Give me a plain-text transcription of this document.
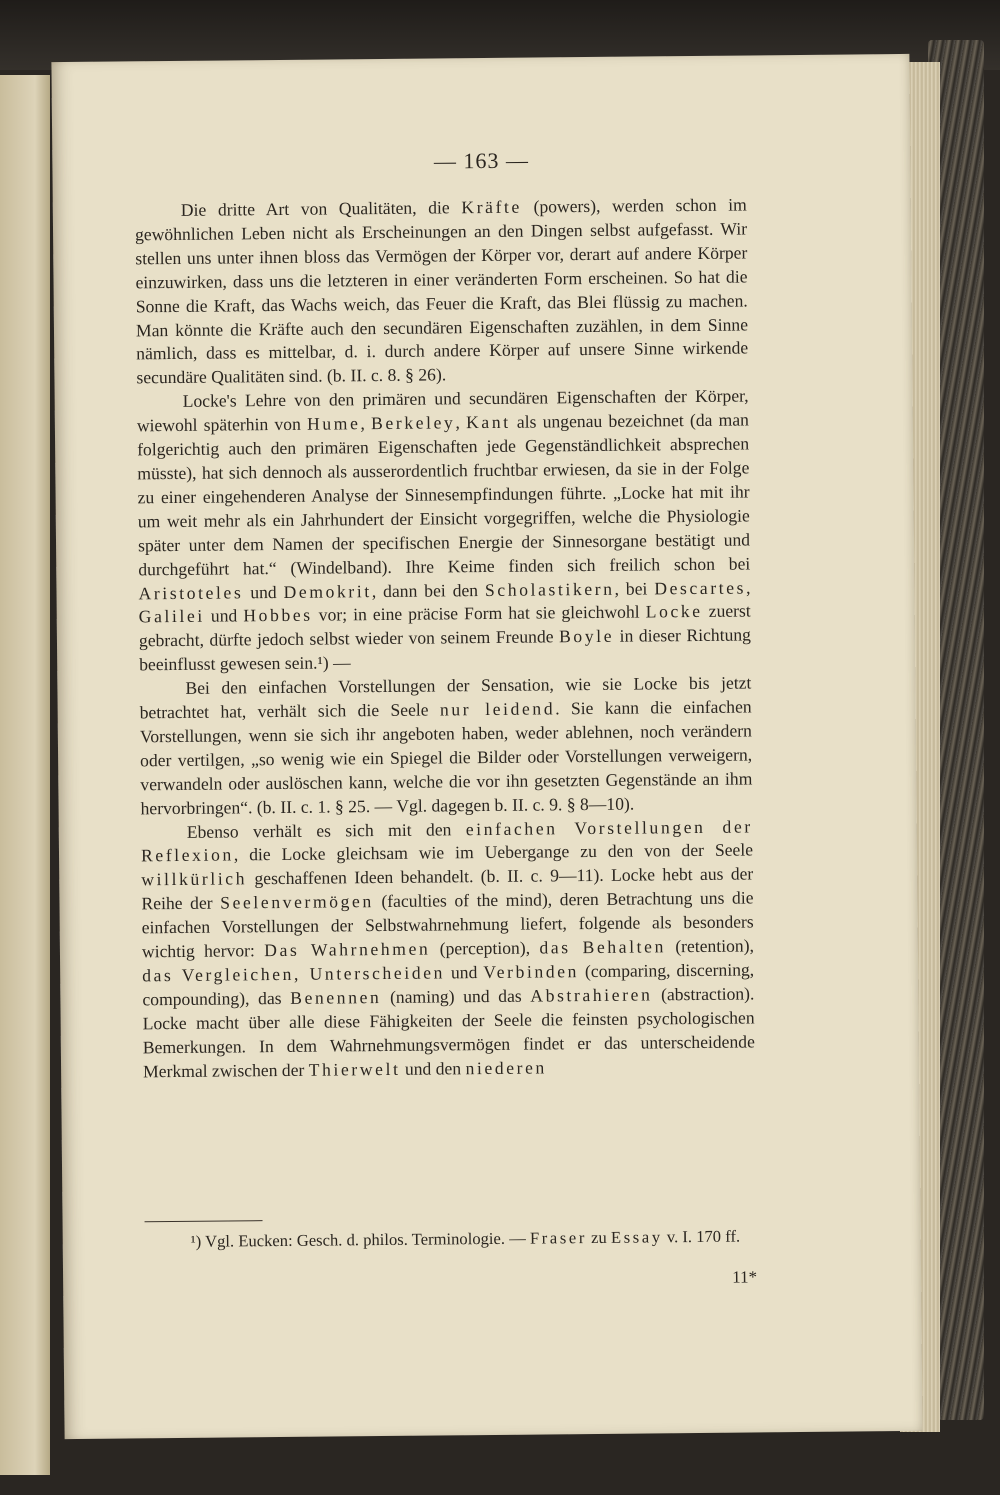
— 163 —

Die dritte Art von Qualitäten, die Kräfte (powers), werden schon im gewöhnlichen Leben nicht als Erscheinungen an den Dingen selbst aufgefasst. Wir stellen uns unter ihnen bloss das Vermögen der Körper vor, derart auf andere Körper einzuwirken, dass uns die letzteren in einer veränderten Form erscheinen. So hat die Sonne die Kraft, das Wachs weich, das Feuer die Kraft, das Blei flüssig zu machen. Man könnte die Kräfte auch den secundären Eigenschaften zuzählen, in dem Sinne nämlich, dass es mittelbar, d. i. durch andere Körper auf unsere Sinne wirkende secundäre Qualitäten sind. (b. II. c. 8. § 26).

Locke's Lehre von den primären und secundären Eigenschaften der Körper, wiewohl späterhin von Hume, Berkeley, Kant als ungenau bezeichnet (da man folgerichtig auch den primären Eigenschaften jede Gegenständlichkeit absprechen müsste), hat sich dennoch als ausserordentlich fruchtbar erwiesen, da sie in der Folge zu einer eingehenderen Analyse der Sinnesempfindungen führte. „Locke hat mit ihr um weit mehr als ein Jahrhundert der Einsicht vorgegriffen, welche die Physiologie später unter dem Namen der specifischen Energie der Sinnesorgane bestätigt und durchgeführt hat.“ (Windelband). Ihre Keime finden sich freilich schon bei Aristoteles und Demokrit, dann bei den Scholastikern, bei Descartes, Galilei und Hobbes vor; in eine präcise Form hat sie gleichwohl Locke zuerst gebracht, dürfte jedoch selbst wieder von seinem Freunde Boyle in dieser Richtung beeinflusst gewesen sein.¹) —

Bei den einfachen Vorstellungen der Sensation, wie sie Locke bis jetzt betrachtet hat, verhält sich die Seele nur leidend. Sie kann die einfachen Vorstellungen, wenn sie sich ihr angeboten haben, weder ablehnen, noch verändern oder vertilgen, „so wenig wie ein Spiegel die Bilder oder Vorstellungen verweigern, verwandeln oder auslöschen kann, welche die vor ihn gesetzten Gegenstände an ihm hervorbringen“. (b. II. c. 1. § 25. — Vgl. dagegen b. II. c. 9. § 8—10).

Ebenso verhält es sich mit den einfachen Vorstellungen der Reflexion, die Locke gleichsam wie im Uebergange zu den von der Seele willkürlich geschaffenen Ideen behandelt. (b. II. c. 9—11). Locke hebt aus der Reihe der Seelenvermögen (faculties of the mind), deren Betrachtung uns die einfachen Vorstellungen der Selbstwahrnehmung liefert, folgende als besonders wichtig hervor: Das Wahrnehmen (perception), das Behalten (retention), das Vergleichen, Unterscheiden und Verbinden (comparing, discerning, compounding), das Benennen (naming) und das Abstrahieren (abstraction). Locke macht über alle diese Fähigkeiten der Seele die feinsten psychologischen Bemerkungen. In dem Wahrnehmungsvermögen findet er das unterscheidende Merkmal zwischen der Thierwelt und den niederen

¹) Vgl. Eucken: Gesch. d. philos. Terminologie. — Fraser zu Essay v. I. 170 ff.
11*
